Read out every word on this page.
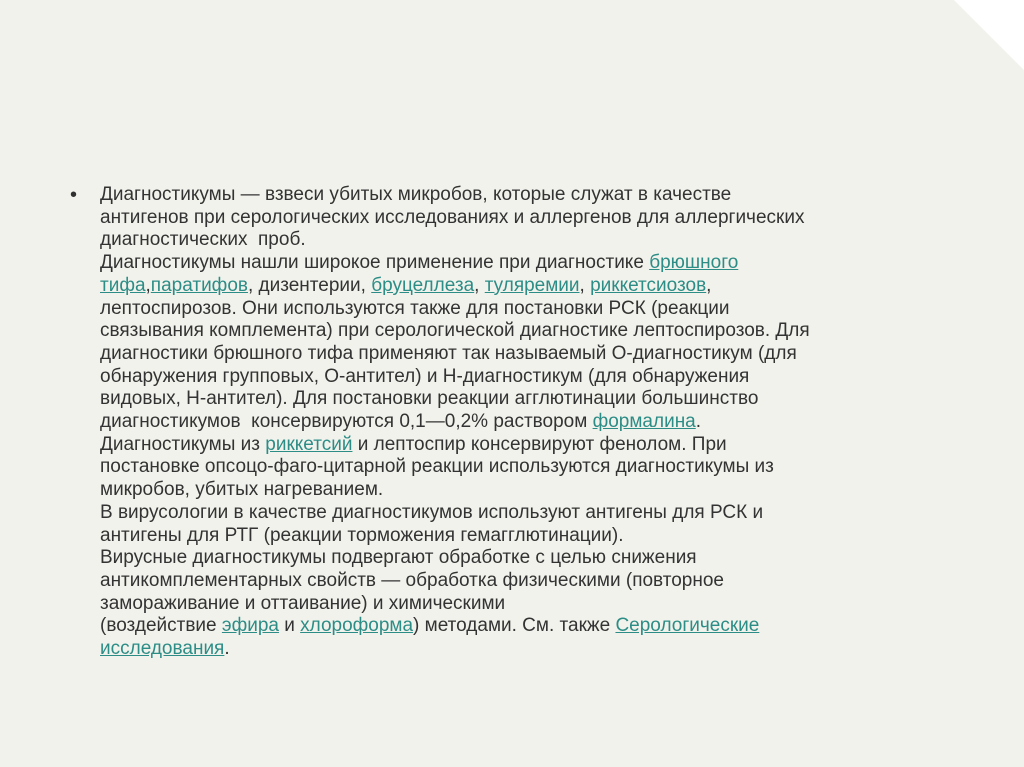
•	Диагностикумы — взвеси убитых микробов, которые служат в качестве
антигенов при серологических исследованиях и аллергенов для аллергических
диагностических  проб.
Диагностикумы нашли широкое применение при диагностике брюшного
тифа,паратифов, дизентерии, бруцеллеза, туляремии, риккетсиозов,
лептоспирозов. Они используются также для постановки РСК (реакции
связывания комплемента) при серологической диагностике лептоспирозов. Для
диагностики брюшного тифа применяют так называемый О-диагностикум (для
обнаружения групповых, О-антител) и Н-диагностикум (для обнаружения
видовых, Н-антител). Для постановки реакции агглютинации большинство
диагностикумов  консервируются 0,1—0,2% раствором формалина.
Диагностикумы из риккетсий и лептоспир консервируют фенолом. При
постановке опсоцо-фаго-цитарной реакции используются диагностикумы из
микробов, убитых нагреванием.
В вирусологии в качестве диагностикумов используют антигены для РСК и
антигены для РТГ (реакции торможения гемагглютинации).
Вирусные диагностикумы подвергают обработке с целью снижения
антикомплементарных свойств — обработка физическими (повторное
замораживание и оттаивание) и химическими
(воздействие эфира и хлороформа) методами. См. также Серологические
исследования.
